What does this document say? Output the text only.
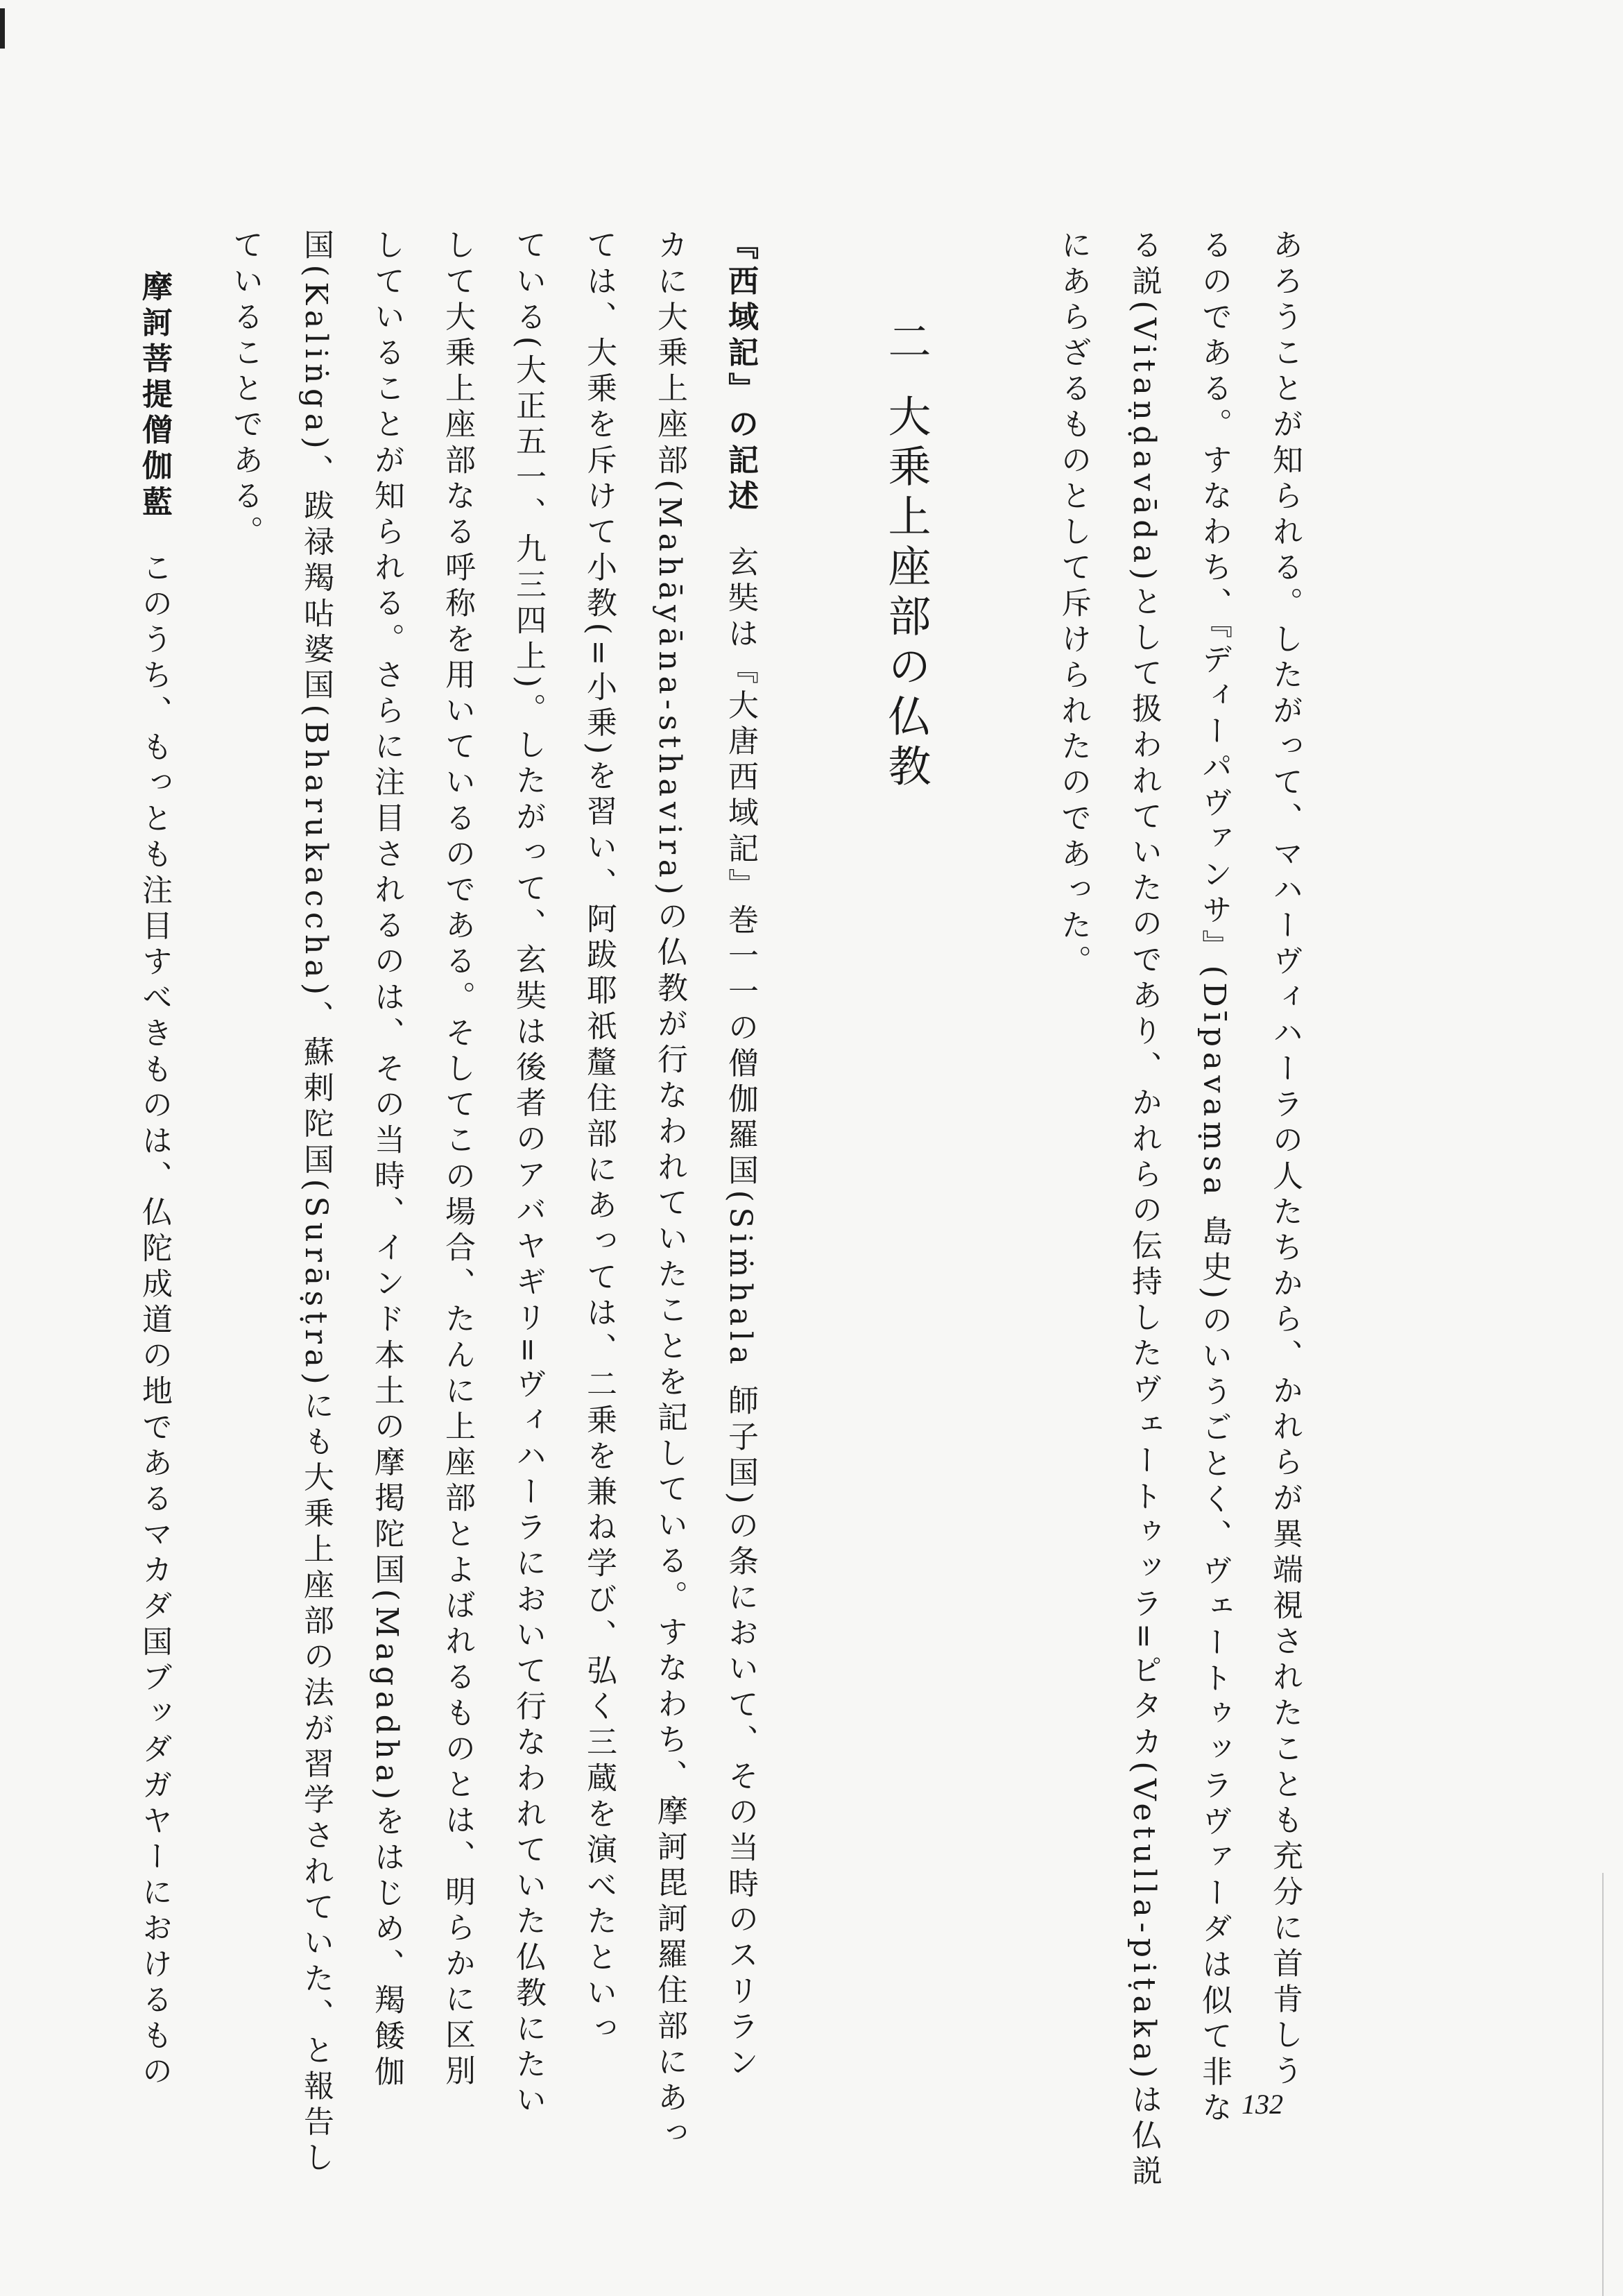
あろうことが知られる。したがって、マハーヴィハーラの人たちから、かれらが異端視されたことも充分に首肯しう
るのである。すなわち、『ディーパヴァンサ』(Dīpavaṃsa 島史)のいうごとく、ヴェートゥッラヴァーダは似て非な
る説(Vitaṇḍavāda)として扱われていたのであり、かれらの伝持したヴェートゥッラ=ピタカ(Vetulla-piṭaka)は仏説
にあらざるものとして斥けられたのであった。
二大乗上座部の仏教
『西域記』の記述玄奘は『大唐西域記』巻一一の僧伽羅国(Siṁhala 師子国)の条において、その当時のスリラン
カに大乗上座部(Mahāyāna-sthavira)の仏教が行なわれていたことを記している。すなわち、摩訶毘訶羅住部にあっ
ては、大乗を斥けて小教(=小乗)を習い、阿跋耶祇釐住部にあっては、二乗を兼ね学び、弘く三蔵を演べたといっ
ている(大正五一、九三四上)。したがって、玄奘は後者のアバヤギリ=ヴィハーラにおいて行なわれていた仏教にたい
して大乗上座部なる呼称を用いているのである。そしてこの場合、たんに上座部とよばれるものとは、明らかに区別
していることが知られる。さらに注目されるのは、その当時、インド本土の摩掲陀国(Magadha)をはじめ、羯餧伽
国(Kaliṅga)、跋禄羯呫婆国(Bharukaccha)、蘇剌陀国(Surāṣṭra)にも大乗上座部の法が習学されていた、と報告し
ていることである。
摩訶菩提僧伽藍このうち、もっとも注目すべきものは、仏陀成道の地であるマカダ国ブッダガヤーにおけるもの
132
